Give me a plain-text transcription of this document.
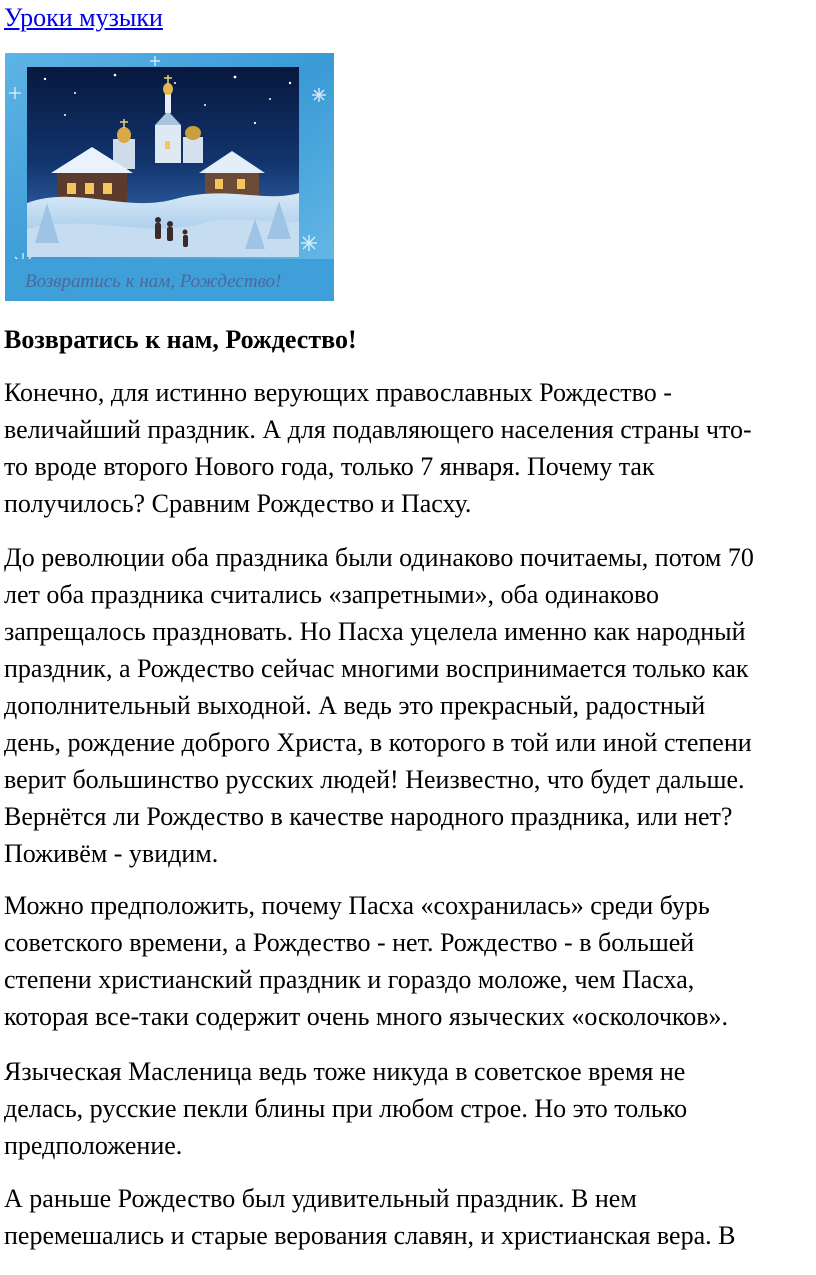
Уроки музыки
Возвратись к нам, Рождество!
Возвратись к нам, Рождество!

Конечно, для истинно верующих православных Рождество -
величайший праздник. А для подавляющего населения страны что-
то вроде второго Нового года, только 7 января. Почему так
получилось? Сравним Рождество и Пасху.

До революции оба праздника были одинаково почитаемы, потом 70
лет оба праздника считались «запретными», оба одинаково
запрещалось праздновать. Но Пасха уцелела именно как народный
праздник, а Рождество сейчас многими воспринимается только как
дополнительный выходной. А ведь это прекрасный, радостный
день, рождение доброго Христа, в которого в той или иной степени
верит большинство русских людей! Неизвестно, что будет дальше.
Вернётся ли Рождество в качестве народного праздника, или нет?
Поживём - увидим.

Можно предположить, почему Пасха «сохранилась» среди бурь
советского времени, а Рождество - нет. Рождество - в большей
степени христианский праздник и гораздо моложе, чем Пасха,
которая все-таки содержит очень много языческих «осколочков».

Языческая Масленица ведь тоже никуда в советское время не
делась, русские пекли блины при любом строе. Но это только
предположение.

А раньше Рождество был удивительный праздник. В нем
перемешались и старые верования славян, и христианская вера. В
